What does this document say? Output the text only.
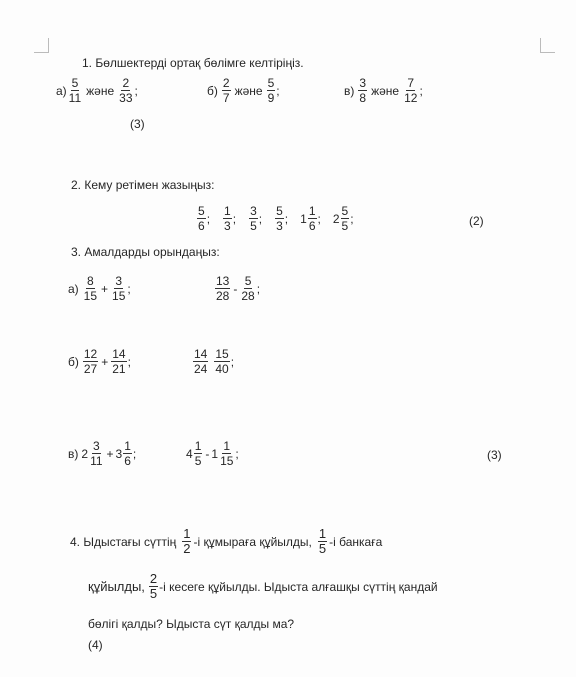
1. Бөлшектерді ортақ бөлімге келтіріңіз.
$а) \frac{5}{11}$ және $\frac{2}{33}$ ;	$б) \frac{2}{7}$ және $\frac{5}{9}$ ;	$в) \frac{3}{8}$ және $\frac{7}{12}$ ;
(3)
2. Кему ретімен жазыңыз:
$\frac{5}{6}$ ; $\frac{1}{3}$ ; $\frac{3}{5}$ ; $\frac{5}{3}$ ; $1 \frac{1}{6}$ ; $2 \frac{5}{5}$ ;	(2)
3. Амалдарды орындаңыз:
$а) \frac{8}{15} + \frac{3}{15}$ ;	$\frac{13}{28} - \frac{5}{28}$ ;
$б) \frac{12}{27} + \frac{14}{21}$ ;	$\frac{14}{24} \frac{15}{40}$ ;
в) $2 \frac{3}{11} + 3 \frac{1}{6}$ ;	$4 \frac{1}{5} - 1 \frac{1}{15}$ ;	(3)
4. Ыдыстағы сүттің $\frac{1}{2} -і$ құмыраға құйылды, $\frac{1}{5} -і$ банкаға
құйылды, $\frac{2}{5} -і$ кесеге құйылды. Ыдыста алғашқы сүттің қандай
бөлігі қалды? Ыдыста сүт қалды ма?
(4)
